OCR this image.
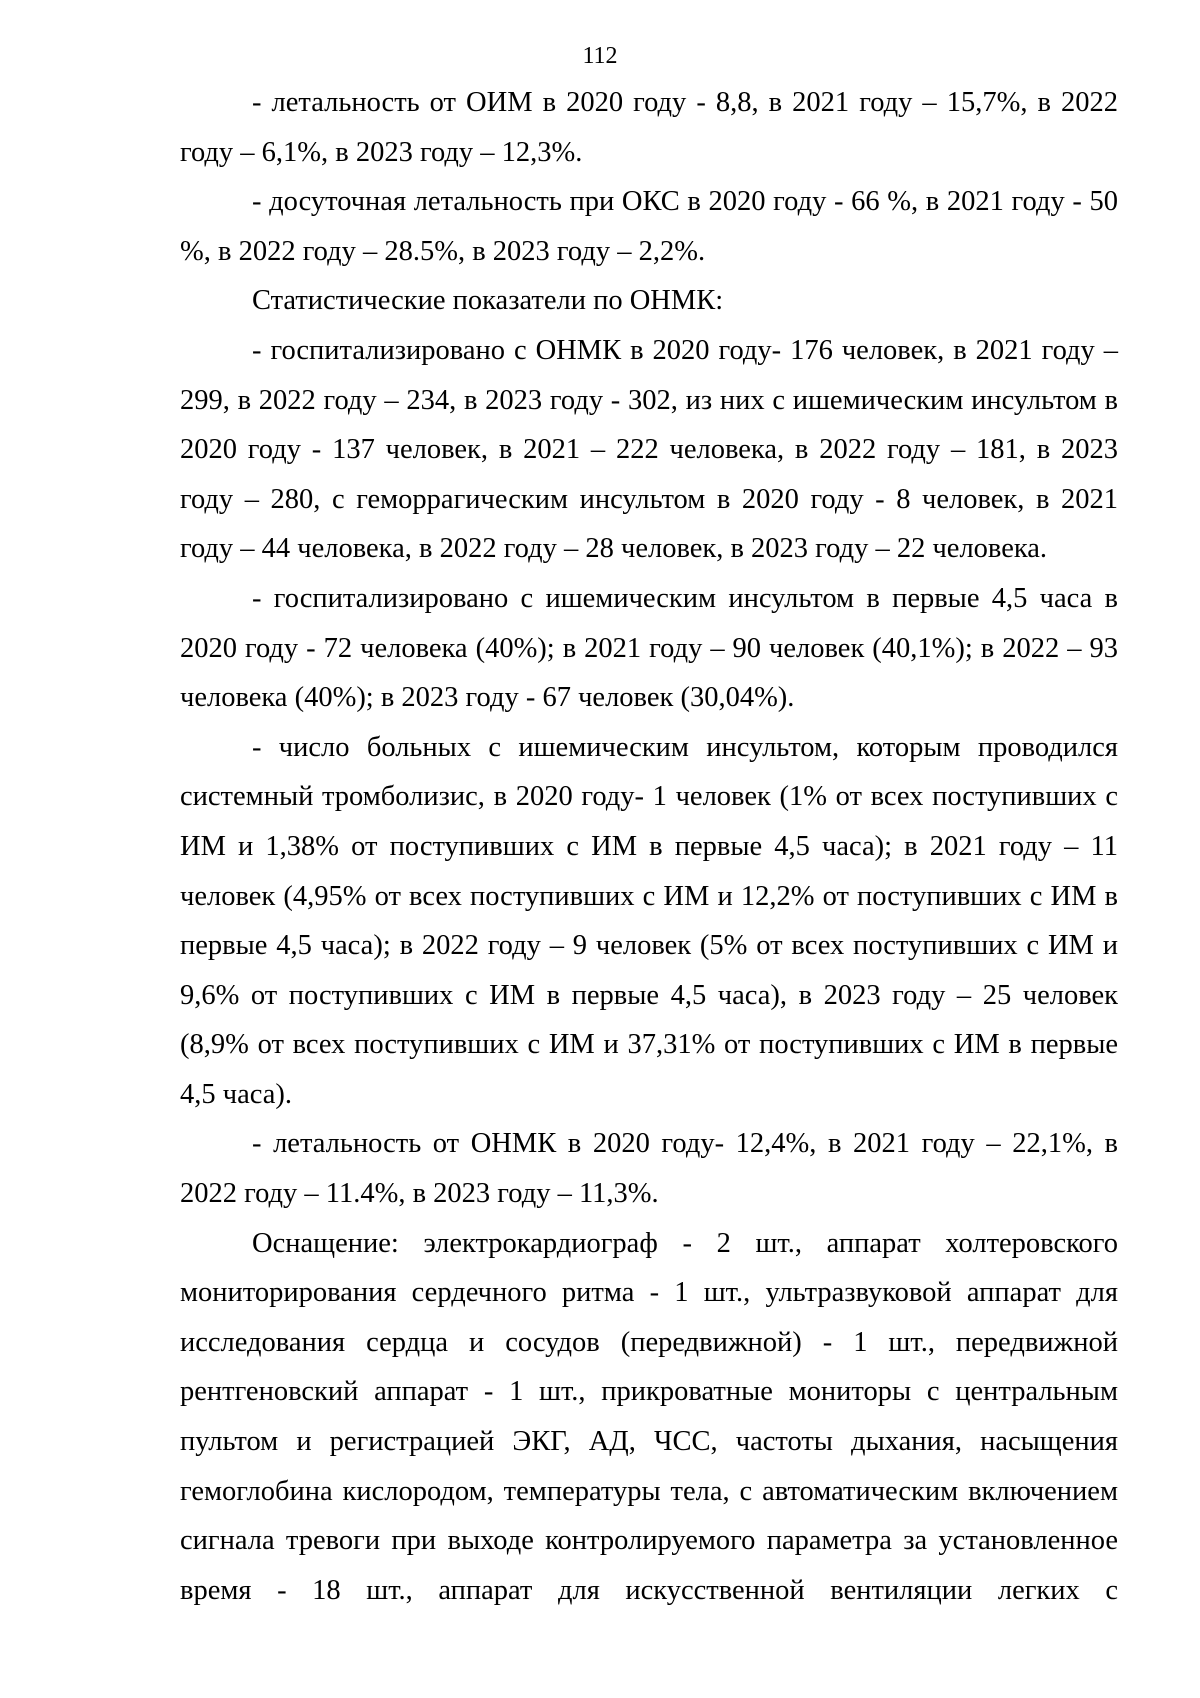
112

- летальность от ОИМ в 2020 году - 8,8, в 2021 году – 15,7%, в 2022 году – 6,1%, в 2023 году – 12,3%.

- досуточная летальность при ОКС в 2020 году - 66 %, в 2021 году - 50 %, в 2022 году – 28.5%, в 2023 году – 2,2%.

Статистические показатели по ОНМК:

- госпитализировано с ОНМК в 2020 году- 176 человек, в 2021 году – 299, в 2022 году – 234, в 2023 году - 302, из них с ишемическим инсультом в 2020 году - 137 человек, в 2021 – 222 человека, в 2022 году – 181, в 2023 году – 280, с геморрагическим инсультом в 2020 году - 8 человек, в 2021 году – 44 человека, в 2022 году – 28 человек, в 2023 году – 22 человека.

- госпитализировано с ишемическим инсультом в первые 4,5 часа в 2020 году - 72 человека (40%); в 2021 году – 90 человек (40,1%); в 2022 – 93 человека (40%); в 2023 году - 67 человек (30,04%).

- число больных с ишемическим инсультом, которым проводился системный тромболизис, в 2020 году- 1 человек (1% от всех поступивших с ИМ и 1,38% от поступивших с ИМ в первые 4,5 часа); в 2021 году – 11 человек (4,95% от всех поступивших с ИМ и 12,2% от поступивших с ИМ в первые 4,5 часа); в 2022 году – 9 человек (5% от всех поступивших с ИМ и 9,6% от поступивших с ИМ в первые 4,5 часа), в 2023 году – 25 человек (8,9% от всех поступивших с ИМ и 37,31% от поступивших с ИМ в первые 4,5 часа).

- летальность от ОНМК в 2020 году- 12,4%, в 2021 году – 22,1%, в 2022 году – 11.4%, в 2023 году – 11,3%.

Оснащение: электрокардиограф - 2 шт., аппарат холтеровского мониторирования сердечного ритма - 1 шт., ультразвуковой аппарат для исследования сердца и сосудов (передвижной) - 1 шт., передвижной рентгеновский аппарат - 1 шт., прикроватные мониторы с центральным пультом и регистрацией ЭКГ, АД, ЧСС, частоты дыхания, насыщения гемоглобина кислородом, температуры тела, с автоматическим включением сигнала тревоги при выходе контролируемого параметра за установленное время - 18 шт., аппарат для искусственной вентиляции легких с
